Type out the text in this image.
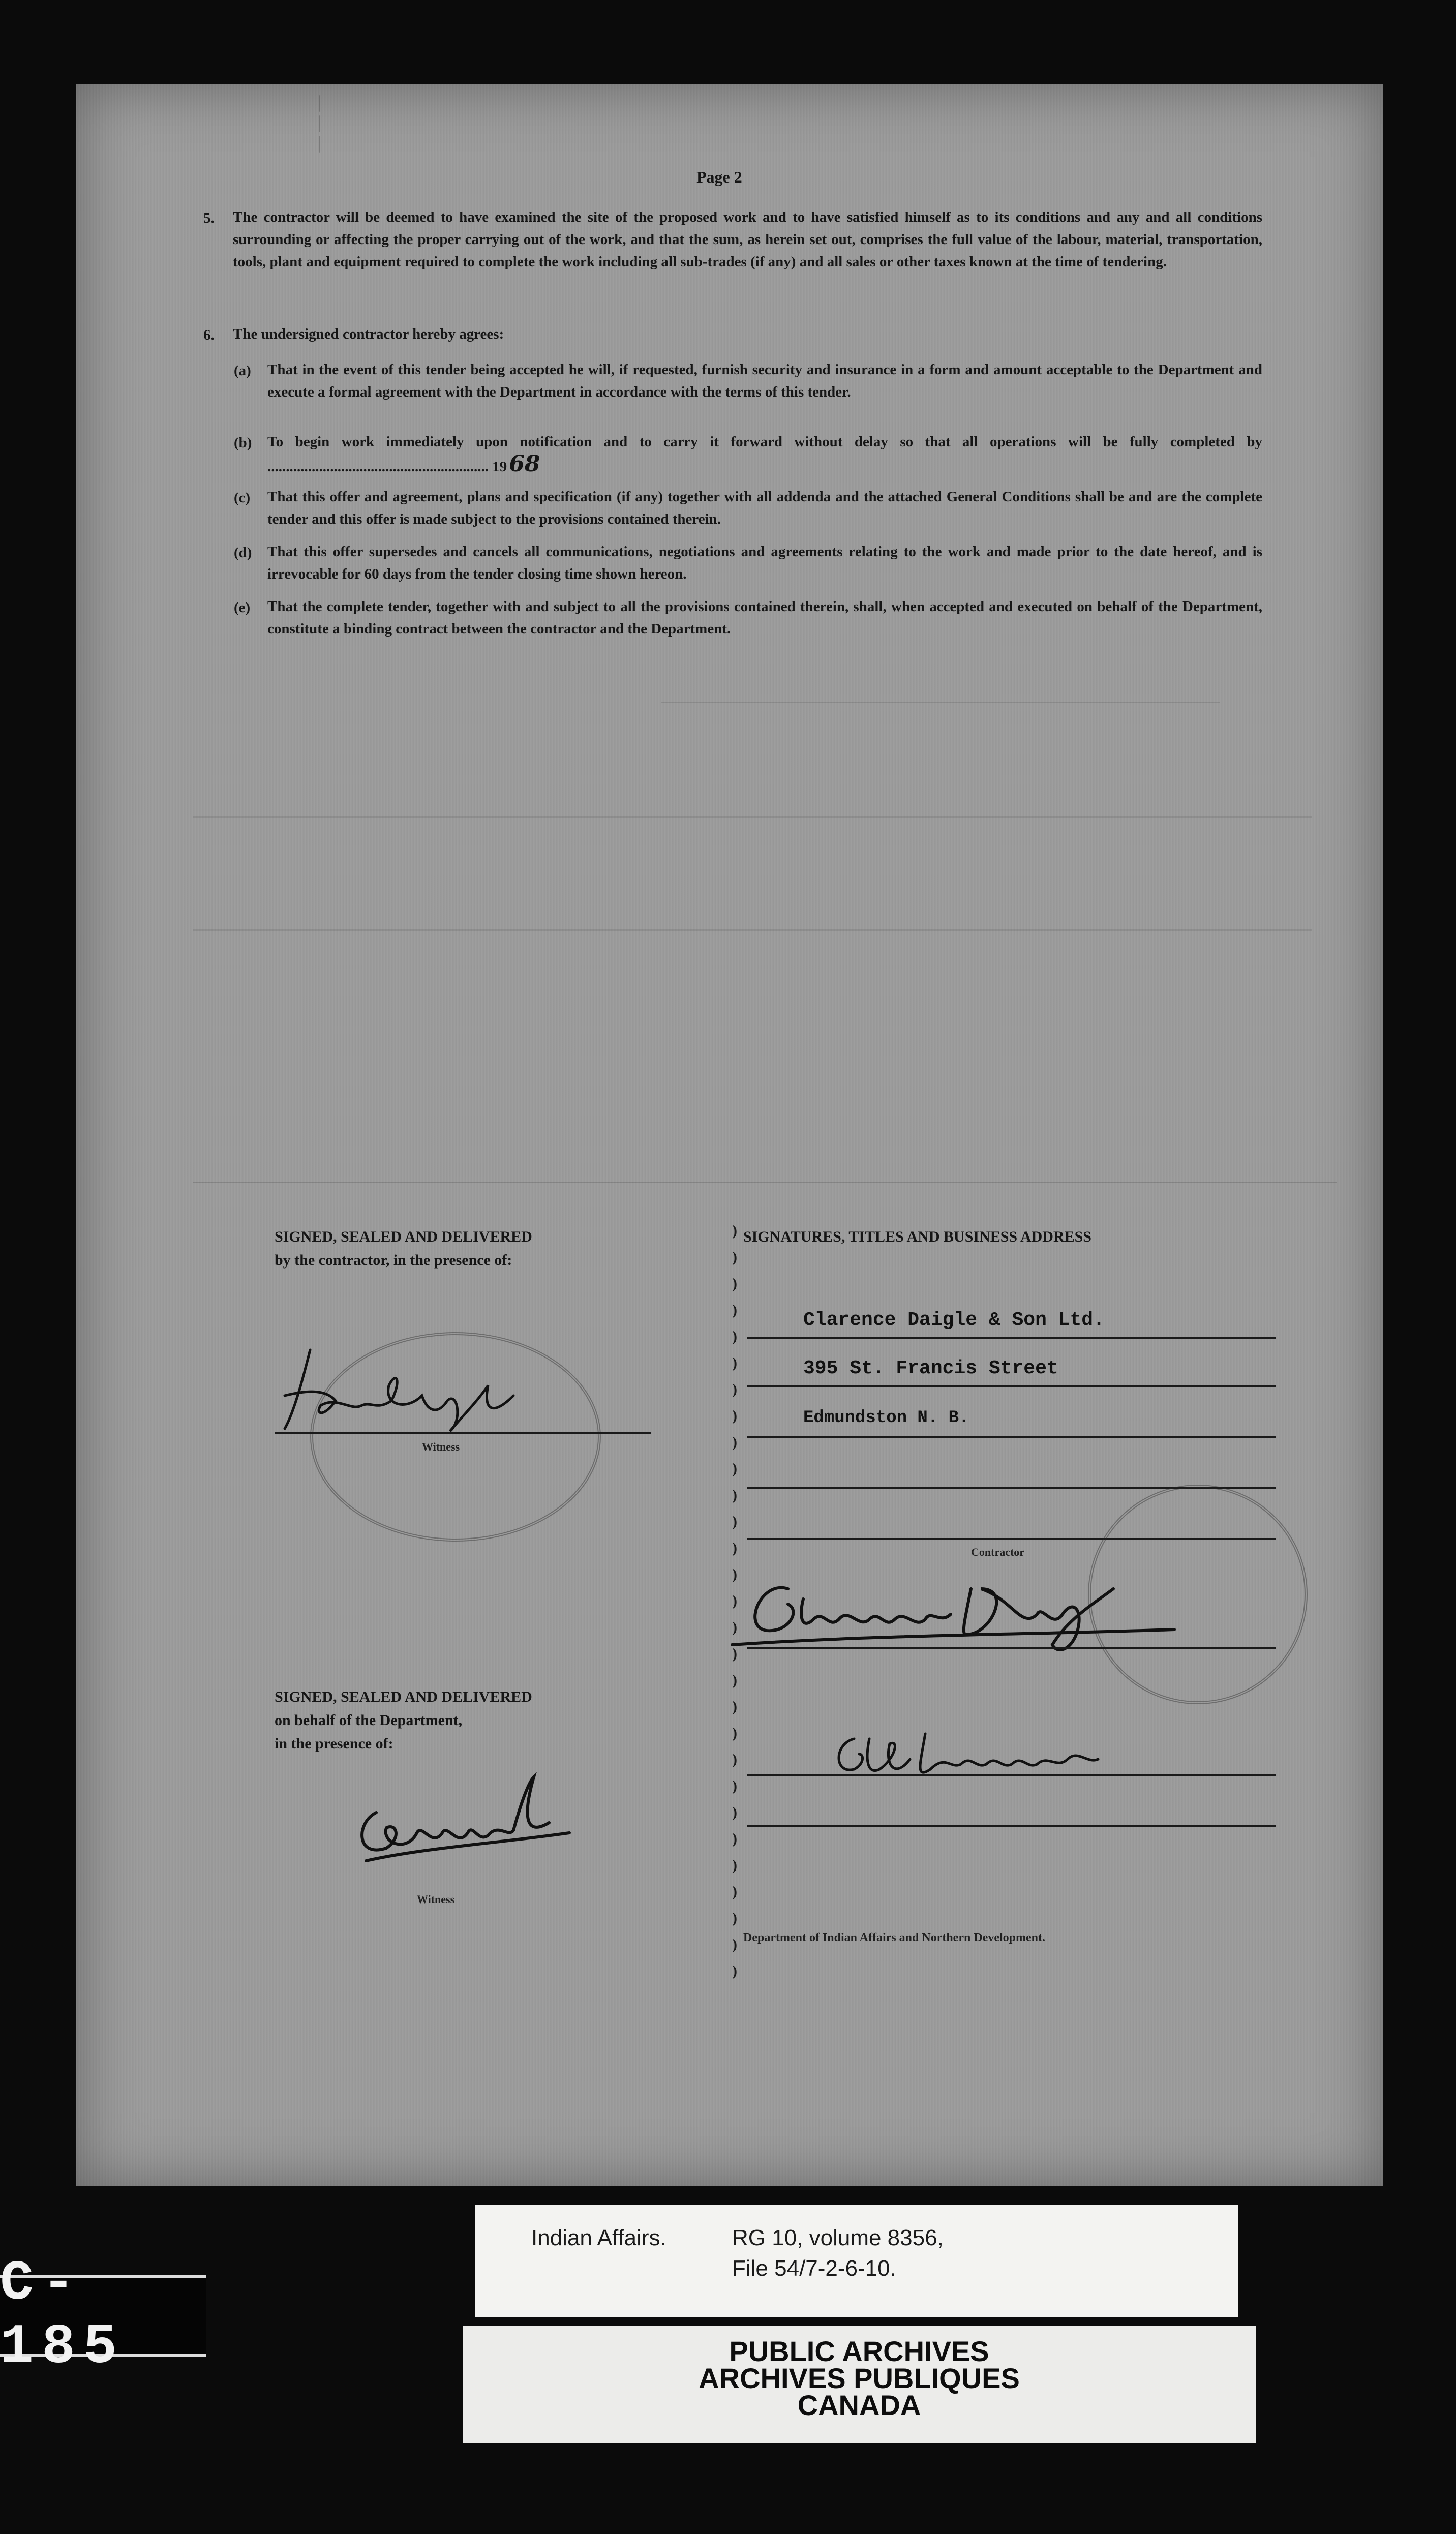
— — —
Page 2
5. The contractor will be deemed to have examined the site of the proposed work and to have satisfied himself as to its conditions and any and all conditions surrounding or affecting the proper carrying out of the work, and that the sum, as herein set out, comprises the full value of the labour, material, transportation, tools, plant and equipment required to complete the work including all sub-trades (if any) and all sales or other taxes known at the time of tendering.
6. The undersigned contractor hereby agrees:
(a) That in the event of this tender being accepted he will, if requested, furnish security and insurance in a form and amount acceptable to the Department and execute a formal agreement with the Department in accordance with the terms of this tender.
(b) To begin work immediately upon notification and to carry it forward without delay so that all operations will be fully completed by ............................................................ 1968
(c) That this offer and agreement, plans and specification (if any) together with all addenda and the attached General Conditions shall be and are the complete tender and this offer is made subject to the provisions contained therein.
(d) That this offer supersedes and cancels all communications, negotiations and agreements relating to the work and made prior to the date hereof, and is irrevocable for 60 days from the tender closing time shown hereon.
(e) That the complete tender, together with and subject to all the provisions contained therein, shall, when accepted and executed on behalf of the Department, constitute a binding contract between the contractor and the Department.
SIGNED, SEALED AND DELIVERED
by the contractor, in the presence of:
Witness
SIGNED, SEALED AND DELIVERED
on behalf of the Department,
in the presence of:
Witness
)
)
)
)
)
)
)
)
)
)
)
)
)
)
)
)
)
)
)
)
)
)
)
)
)
)
)
)
)
SIGNATURES, TITLES AND BUSINESS ADDRESS
Clarence Daigle & Son Ltd.
395 St. Francis Street
Edmundston N. B.
Contractor
Department of Indian Affairs and Northern Development.
Indian Affairs.	RG 10, volume 8356,
File 54/7-2-6-10.
PUBLIC ARCHIVES
ARCHIVES PUBLIQUES
CANADA
C-185
